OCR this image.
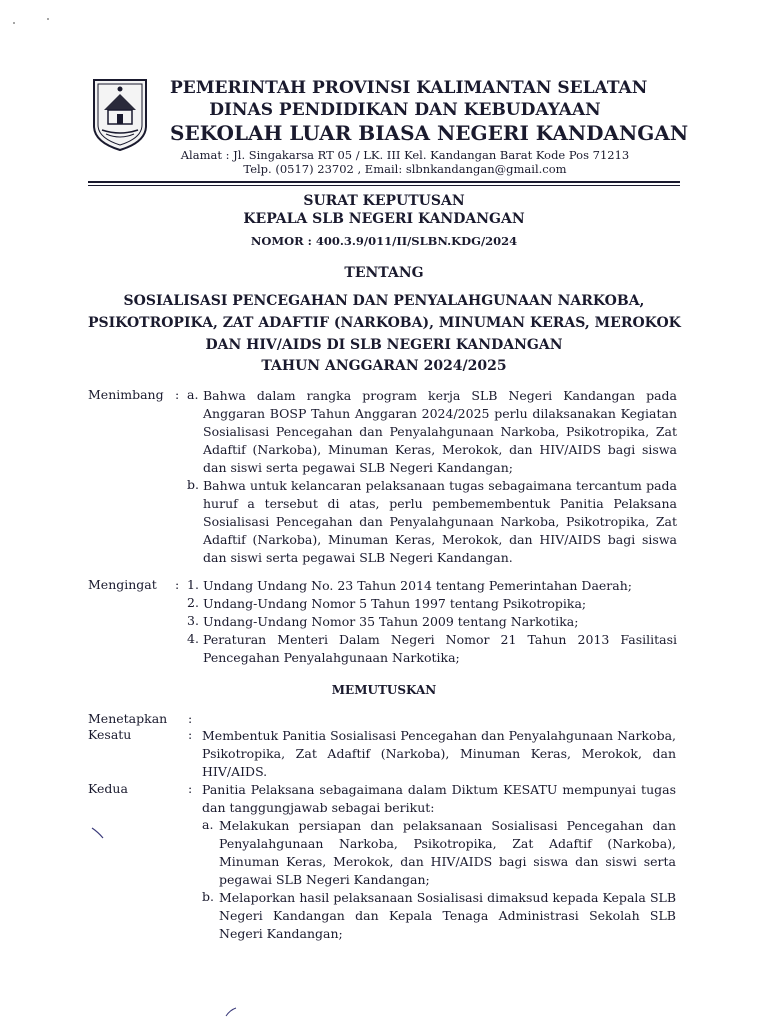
PEMERINTAH PROVINSI KALIMANTAN SELATAN
DINAS PENDIDIKAN DAN KEBUDAYAAN
SEKOLAH LUAR BIASA NEGERI KANDANGAN
Alamat : Jl. Singakarsa RT 05 / LK. III Kel. Kandangan Barat Kode Pos 71213
Telp. (0517) 23702 , Email: slbnkandangan@gmail.com
SURAT KEPUTUSAN
KEPALA SLB NEGERI KANDANGAN
NOMOR : 400.3.9/011/II/SLBN.KDG/2024
TENTANG
SOSIALISASI PENCEGAHAN DAN PENYALAHGUNAAN NARKOBA,
PSIKOTROPIKA, ZAT ADAFTIF (NARKOBA), MINUMAN KERAS, MEROKOK
DAN HIV/AIDS DI SLB NEGERI KANDANGAN
TAHUN ANGGARAN 2024/2025
Menimbang : a. Bahwa dalam rangka program kerja SLB Negeri Kandangan pada Anggaran BOSP Tahun Anggaran 2024/2025 perlu dilaksanakan Kegiatan Sosialisasi Pencegahan dan Penyalahgunaan Narkoba, Psikotropika, Zat Adaftif (Narkoba), Minuman Keras, Merokok, dan HIV/AIDS bagi siswa dan siswi serta pegawai SLB Negeri Kandangan;
b. Bahwa untuk kelancaran pelaksanaan tugas sebagaimana tercantum pada huruf a tersebut di atas, perlu pembemembentuk Panitia Pelaksana Sosialisasi Pencegahan dan Penyalahgunaan Narkoba, Psikotropika, Zat Adaftif (Narkoba), Minuman Keras, Merokok, dan HIV/AIDS bagi siswa dan siswi serta pegawai SLB Negeri Kandangan.
Mengingat : 1. Undang Undang No. 23 Tahun 2014 tentang Pemerintahan Daerah;
2. Undang-Undang Nomor 5 Tahun 1997 tentang Psikotropika;
3. Undang-Undang Nomor 35 Tahun 2009 tentang Narkotika;
4. Peraturan Menteri Dalam Negeri Nomor 21 Tahun 2013 Fasilitasi Pencegahan Penyalahgunaan Narkotika;
MEMUTUSKAN
Menetapkan :
Kesatu	: Membentuk Panitia Sosialisasi Pencegahan dan Penyalahgunaan Narkoba, Psikotropika, Zat Adaftif (Narkoba), Minuman Keras, Merokok, dan HIV/AIDS.
Kedua	: Panitia Pelaksana sebagaimana dalam Diktum KESATU mempunyai tugas dan tanggungjawab sebagai berikut:
a. Melakukan persiapan dan pelaksanaan Sosialisasi Pencegahan dan Penyalahgunaan Narkoba, Psikotropika, Zat Adaftif (Narkoba), Minuman Keras, Merokok, dan HIV/AIDS bagi siswa dan siswi serta pegawai SLB Negeri Kandangan;
b. Melaporkan hasil pelaksanaan Sosialisasi dimaksud kepada Kepala SLB Negeri Kandangan dan Kepala Tenaga Administrasi Sekolah SLB Negeri Kandangan;
